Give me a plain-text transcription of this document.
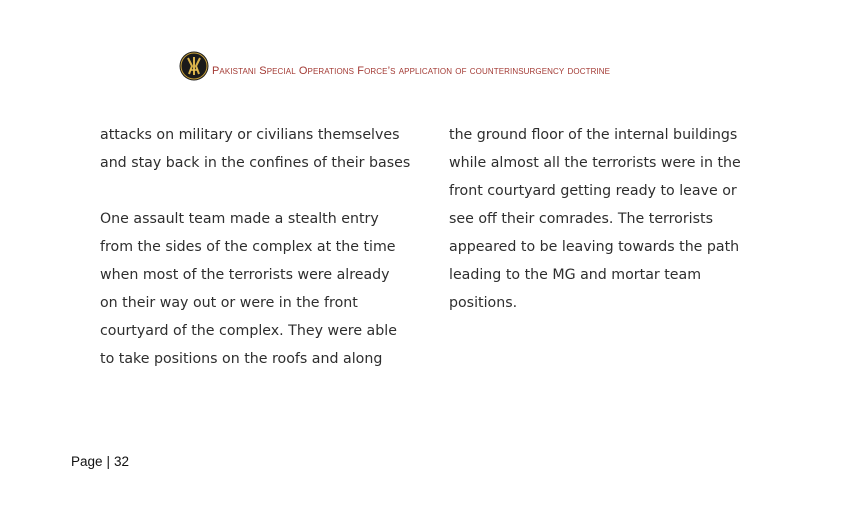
Pakistani Special Operations Force’s application of counterinsurgency doctrine
attacks on military or civilians themselves
and stay back in the confines of their bases
One assault team made a stealth entry
from the sides of the complex at the time
when most of the terrorists were already
on their way out or were in the front
courtyard of the complex. They were able
to take positions on the roofs and along
the ground floor of the internal buildings
while almost all the terrorists were in the
front courtyard getting ready to leave or
see off their comrades. The terrorists
appeared to be leaving towards the path
leading to the MG and mortar team
positions.
Page | 32
